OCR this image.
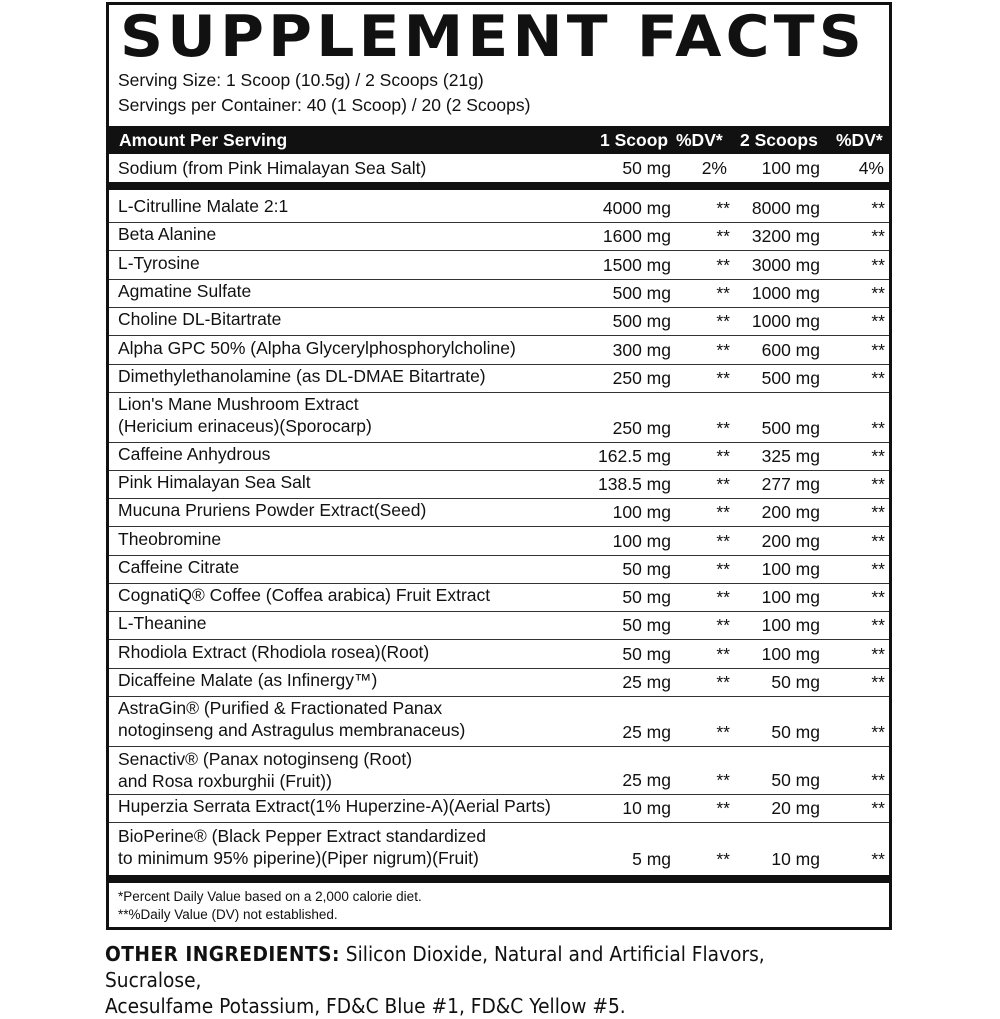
SUPPLEMENT FACTS
Serving Size: 1 Scoop (10.5g) / 2 Scoops (21g)
Servings per Container: 40 (1 Scoop) / 20 (2 Scoops)
Amount Per Serving	1 Scoop %DV* 2 Scoops %DV*
Sodium (from Pink Himalayan Sea Salt)	50 mg	2%	100 mg	4%
*Percent Daily Value based on a 2,000 calorie diet.
**%Daily Value (DV) not established.
OTHER INGREDIENTS: Silicon Dioxide, Natural and Artificial Flavors, Sucralose,
Acesulfame Potassium, FD&C Blue #1, FD&C Yellow #5.
L-Citrulline Malate 2:1	4000 mg	**	8000 mg	**
Beta Alanine	1600 mg	**	3200 mg	**
L-Tyrosine	1500 mg	**	3000 mg	**
Agmatine Sulfate	500 mg	**	1000 mg	**
Choline DL-Bitartrate	500 mg	**	1000 mg	**
Alpha GPC 50% (Alpha Glycerylphosphorylcholine)	300 mg	**	600 mg	**
Dimethylethanolamine (as DL-DMAE Bitartrate)	250 mg	**	500 mg	**
Lion's Mane Mushroom Extract
(Hericium erinaceus)(Sporocarp)	250 mg	**	500 mg	**
Caffeine Anhydrous	162.5 mg	**	325 mg	**
Pink Himalayan Sea Salt	138.5 mg	**	277 mg	**
Mucuna Pruriens Powder Extract(Seed)	100 mg	**	200 mg	**
Theobromine	100 mg	**	200 mg	**
Caffeine Citrate	50 mg	**	100 mg	**
CognatiQ® Coffee (Coffea arabica) Fruit Extract	50 mg	**	100 mg	**
L-Theanine	50 mg	**	100 mg	**
Rhodiola Extract (Rhodiola rosea)(Root)	50 mg	**	100 mg	**
Dicaffeine Malate (as Infinergy™)	25 mg	**	50 mg	**
AstraGin® (Purified & Fractionated Panax
notoginseng and Astragulus membranaceus)	25 mg	**	50 mg	**
Senactiv® (Panax notoginseng (Root)
and Rosa roxburghii (Fruit))	25 mg	**	50 mg	**
Huperzia Serrata Extract(1% Huperzine-A)(Aerial Parts)	10 mg	**	20 mg	**
BioPerine® (Black Pepper Extract standardized
to minimum 95% piperine)(Piper nigrum)(Fruit)	5 mg	**	10 mg	**
